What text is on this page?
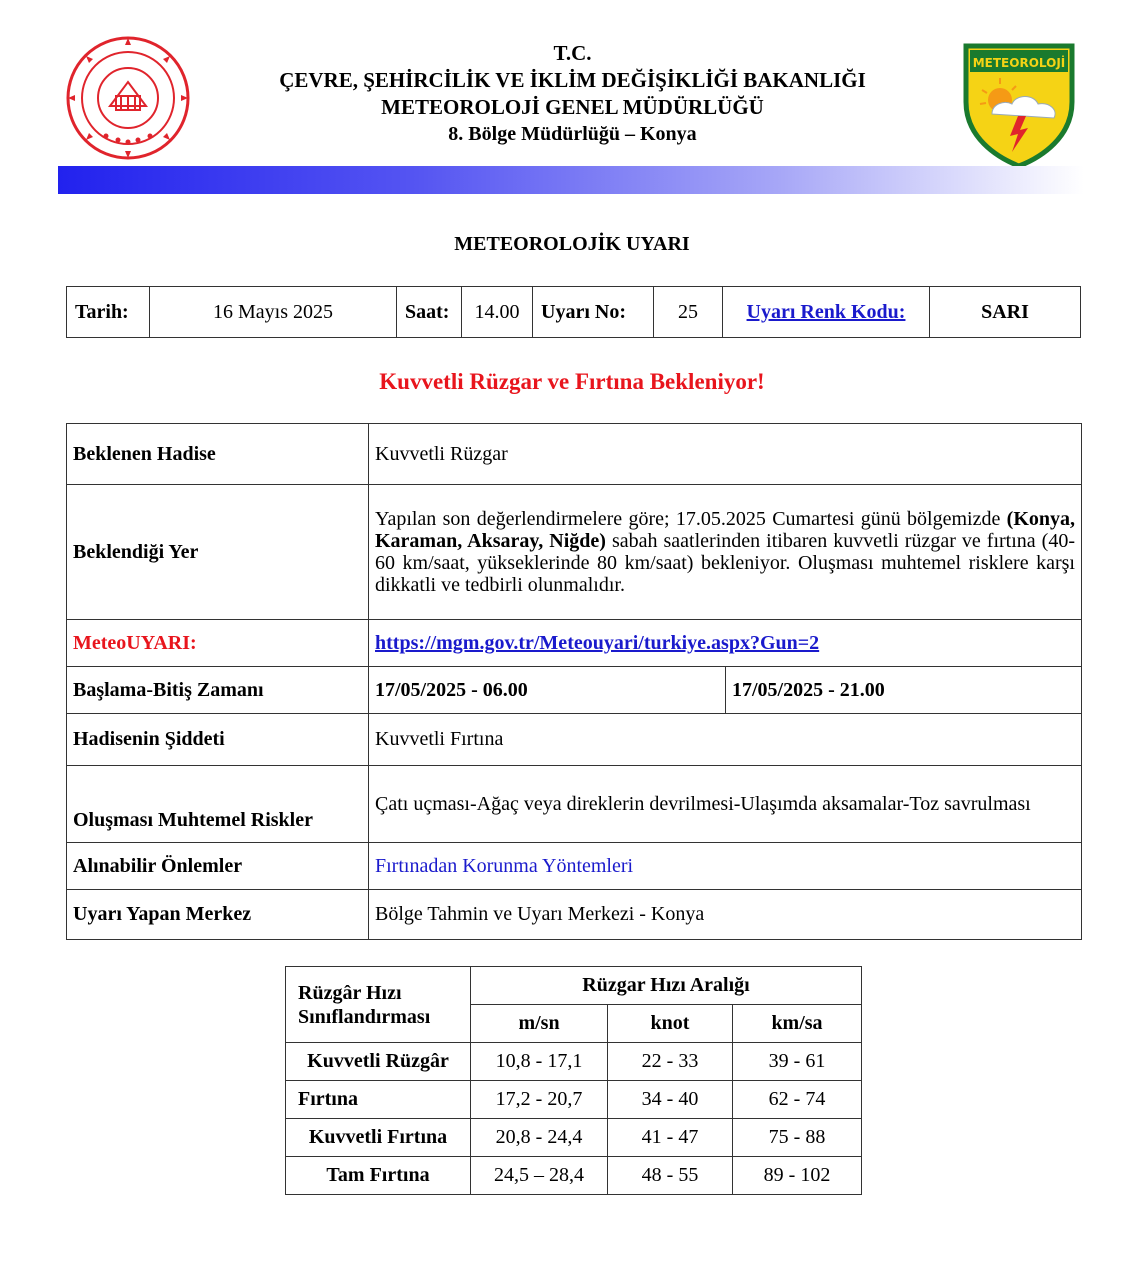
T.C.
ÇEVRE, ŞEHİRCİLİK VE İKLİM DEĞİŞİKLİĞİ BAKANLIĞI
METEOROLOJİ GENEL MÜDÜRLÜĞÜ
8. Bölge Müdürlüğü – Konya
METEOROLOJİ
METEOROLOJİK UYARI
Tarih:	16 Mayıs 2025	Saat:	14.00	Uyarı No:	25	Uyarı Renk Kodu:	SARI
Kuvvetli Rüzgar ve Fırtına Bekleniyor!
Beklenen Hadise	Kuvvetli Rüzgar	
Beklendiği Yer	Yapılan son değerlendirmelere göre; 17.05.2025 Cumartesi günü bölgemizde (Konya, Karaman, Aksaray, Niğde) sabah saatlerinden itibaren kuvvetli rüzgar ve fırtına (40-60 km/saat, yükseklerinde 80 km/saat) bekleniyor. Oluşması muhtemel risklere karşı dikkatli ve tedbirli olunmalıdır.	
MeteoUYARI:	https://mgm.gov.tr/Meteouyari/turkiye.aspx?Gun=2	
Başlama-Bitiş Zamanı	17/05/2025 - 06.00	17/05/2025 - 21.00
Hadisenin Şiddeti	Kuvvetli Fırtına	
Oluşması Muhtemel Riskler	Çatı uçması-Ağaç veya direklerin devrilmesi-Ulaşımda aksamalar-Toz savrulması	
Alınabilir Önlemler	Fırtınadan Korunma Yöntemleri	
Uyarı Yapan Merkez	Bölge Tahmin ve Uyarı Merkezi - Konya	
Rüzgâr Hızı
Sınıflandırması	Rüzgar Hızı Aralığı		
	m/sn	knot	km/sa
Kuvvetli Rüzgâr	10,8 - 17,1	22 - 33	39 - 61
Fırtına	17,2 - 20,7	34 - 40	62 - 74
Kuvvetli Fırtına	20,8 - 24,4	41 - 47	75 - 88
Tam Fırtına	24,5 – 28,4	48 - 55	89 - 102
